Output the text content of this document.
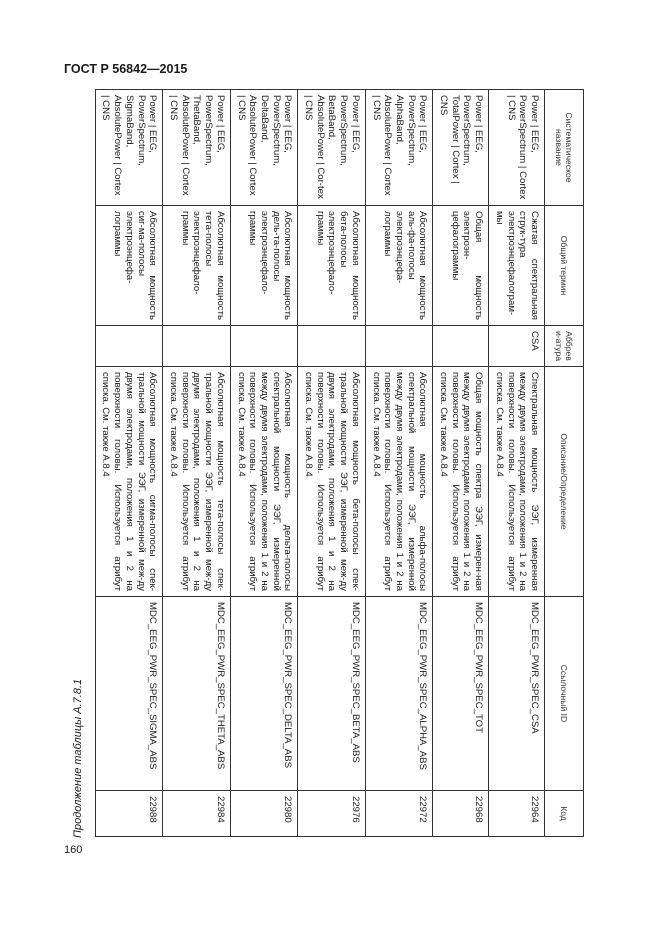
ГОСТ Р 56842—2015
Продолжение таблицы А.7.8.1
160
Систематическое название	Общий термин	Аббреви-атура	Описание/Определение	Ссылочный ID	Код
Power | EEG, PowerSpectrum | Cortex | CNS	Сжатая спектральная струк-тура электроэнцефалограм-мы	CSA	Спектральная мощность ЭЭГ, измеренная между двумя электродами, положения 1 и 2 на поверхности головы. Используется атрибут списка. См. также А.8.4	MDC_EEG_PWR_SPEC_CSA	22964
Power | EEG, PowerSpectrum, TotalPower | Cortex | CNS	Общая мощность электроэн-цефалограммы		Общая мощность спектра ЭЭГ, измерен-ная между двумя электродами, положения 1 и 2 на поверхности головы. Используется атрибут списка. См. также А.8.4	MDC_EEG_PWR_SPEC_TOT	22968
Power | EEG, PowerSpectrum, AlphaBand, AbsolutePower | Cortex | CNS	Абсолютная мощность аль-фа-полосы электроэнцефа-лограммы		Абсолютная мощность альфа-полосы спектральной мощности ЭЭГ, измеренной между двумя электродами, положения 1 и 2 на поверхности головы. Используется атрибут списка. См. также А.8.4	MDC_EEG_PWR_SPEC_ALPHA_ABS	22972
Power | EEG, PowerSpectrum, BetaBand, AbsolutePower | Cor-tex | CNS	Абсолютная мощность бета-полосы электроэнцефало-граммы		Абсолютная мощность бета-полосы спек-тральной мощности ЭЭГ, измеренной меж-ду двумя электродами, положения 1 и 2 на поверхности головы. Используется атрибут списка. См. также А.8.4	MDC_EEG_PWR_SPEC_BETA_ABS	22976
Power | EEG, PowerSpectrum, DeltaBand, AbsolutePower | Cortex | CNS	Абсолютная мощность дель-та-полосы электроэнцефало-граммы		Абсолютная мощность дельта-полосы спектральной мощности ЭЭГ, измеренной между двумя электродами, положения 1 и 2 на поверхности головы. Используется атрибут списка. См. также А.8.4	MDC_EEG_PWR_SPEC_DELTA_ABS	22980
Power | EEG, PowerSpectrum, ThetaBand, AbsolutePower | Cortex | CNS	Абсолютная мощность тета-полосы электроэнцефало-граммы		Абсолютная мощность тета-полосы спек-тральной мощности ЭЭГ, измеренной меж-ду двумя электродами, положения 1 и 2 на поверхности головы. Используется атрибут списка. См. также А.8.4	MDC_EEG_PWR_SPEC_THETA_ABS	22984
Power | EEG, PowerSpectrum, SigmaBand, AbsolutePower | Cortex | CNS	Абсолютная мощность сиг-ма-полосы электроэнцефа-лограммы		Абсолютная мощность сигма-полосы спек-тральной мощности ЭЭГ, измеренной меж-ду двумя электродами, положения 1 и 2 на поверхности головы. Используется атрибут списка. См. также А.8.4	MDC_EEG_PWR_SPEC_SIGMA_ABS	22988
